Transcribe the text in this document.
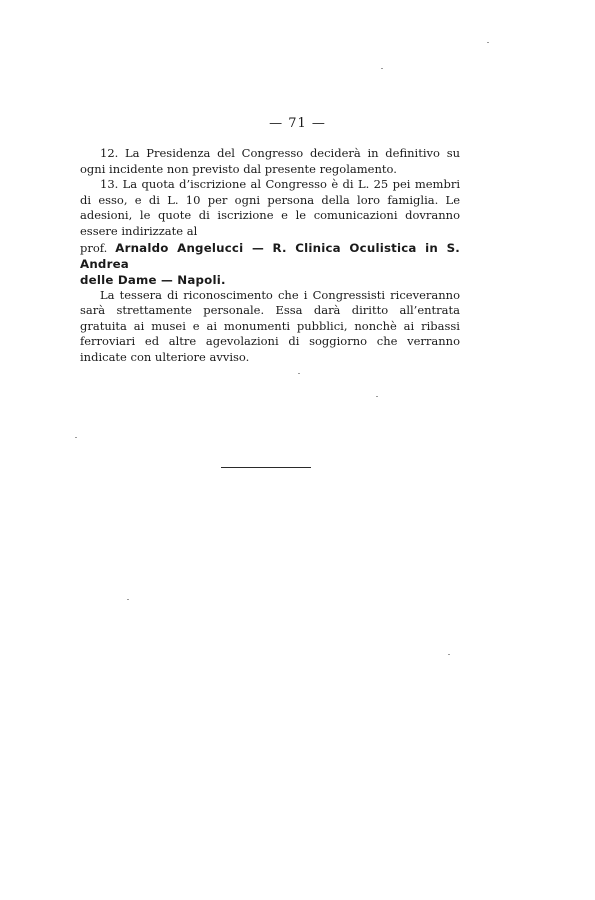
— 71 —

12. La Presidenza del Congresso deciderà in definitivo su ogni incidente non previsto dal presente regolamento.

13. La quota d’iscrizione al Congresso è di L. 25 pei membri di esso, e di L. 10 per ogni persona della loro famiglia. Le adesioni, le quote di iscrizione e le comunicazioni dovranno essere indirizzate al

prof. Arnaldo Angelucci — R. Clinica Oculistica in S. Andrea
delle Dame — Napoli.

La tessera di riconoscimento che i Congressisti riceveranno sarà strettamente personale. Essa darà diritto all’entrata gratuita ai musei e ai monumenti pubblici, nonchè ai ribassi ferroviari ed altre agevolazioni di soggiorno che verranno indicate con ulteriore avviso.
